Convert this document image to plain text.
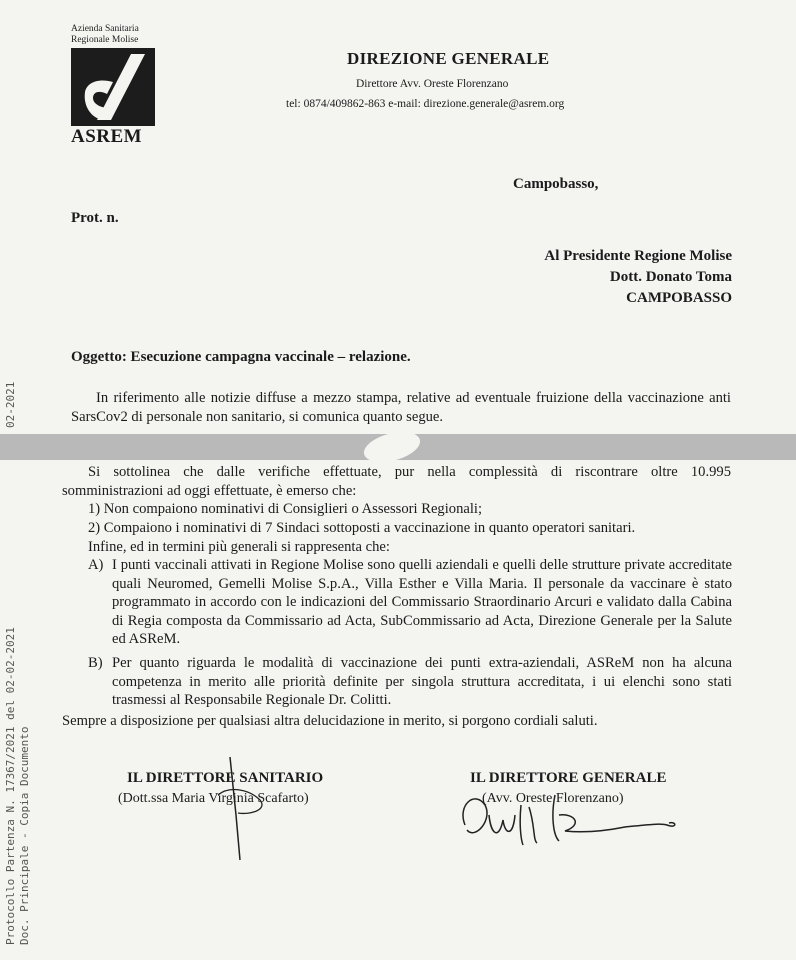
Azienda Sanitaria Regionale Molise
ASREM
DIREZIONE GENERALE
Direttore Avv. Oreste Florenzano
tel: 0874/409862-863 e-mail: direzione.generale@asrem.org
Campobasso,
Prot. n.
Al Presidente Regione Molise
Dott. Donato Toma
CAMPOBASSO
Oggetto: Esecuzione campagna vaccinale – relazione.
In riferimento alle notizie diffuse a mezzo stampa, relative ad eventuale fruizione della vaccinazione anti SarsCov2 di personale non sanitario, si comunica quanto segue.
Si sottolinea che dalle verifiche effettuate, pur nella complessità di riscontrare oltre 10.995
somministrazioni ad oggi effettuate, è emerso che:
1) Non compaiono nominativi di Consiglieri o Assessori Regionali;
2) Compaiono i nominativi di 7 Sindaci sottoposti a vaccinazione in quanto operatori sanitari.
Infine, ed in termini più generali si rappresenta che:
A) I punti vaccinali attivati in Regione Molise sono quelli aziendali e quelli delle strutture private accreditate quali Neuromed, Gemelli Molise S.p.A., Villa Esther e Villa Maria. Il personale da vaccinare è stato programmato in accordo con le indicazioni del Commissario Straordinario Arcuri e validato dalla Cabina di Regia composta da Commissario ad Acta, SubCommissario ad Acta, Direzione Generale per la Salute ed ASReM.
B) Per quanto riguarda le modalità di vaccinazione dei punti extra-aziendali, ASReM non ha alcuna competenza in merito alle priorità definite per singola struttura accreditata, i ui elenchi sono stati trasmessi al Responsabile Regionale Dr. Colitti.
Sempre a disposizione per qualsiasi altra delucidazione in merito, si porgono cordiali saluti.
IL DIRETTORE SANITARIO
(Dott.ssa Maria Virginia Scafarto)
IL DIRETTORE GENERALE
(Avv. Oreste Florenzano)
Protocollo Partenza N. 17367/2021 del 02-02-2021 Doc. Principale - Copia Documento
02-2021
